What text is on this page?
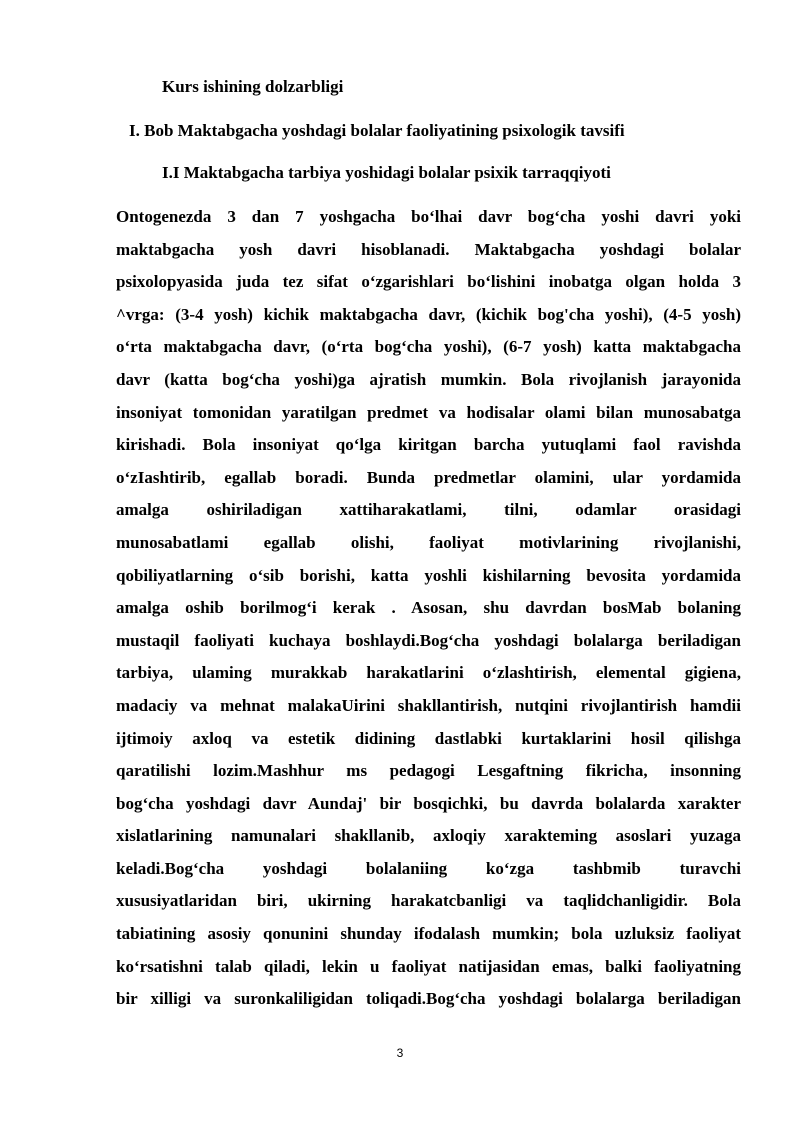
Kurs ishining dolzarbligi
I. Bob Maktabgacha yoshdagi bolalar faoliyatining psixologik tavsifi
I.I Maktabgacha tarbiya yoshidagi bolalar psixik tarraqqiyoti
Ontogenezda 3 dan 7 yoshgacha bo‘lhai davr bog‘cha yoshi davri yoki
maktabgacha yosh davri hisoblanadi. Maktabgacha yoshdagi bolalar
psixolopyasida juda tez sifat o‘zgarishlari bo‘lishini inobatga olgan holda 3
^vrga: (3-4 yosh) kichik maktabgacha davr, (kichik bog'cha yoshi), (4-5 yosh)
o‘rta maktabgacha davr, (o‘rta bog‘cha yoshi), (6-7 yosh) katta maktabgacha
davr (katta bog‘cha yoshi)ga ajratish mumkin. Bola rivojlanish jarayonida
insoniyat tomonidan yaratilgan predmet va hodisalar olami bilan munosabatga
kirishadi. Bola insoniyat qo‘lga kiritgan barcha yutuqlami faol ravishda
o‘zIashtirib, egallab boradi. Bunda predmetlar olamini, ular yordamida
amalga oshiriladigan xattiharakatlami, tilni, odamlar orasidagi
munosabatlami egallab olishi, faoliyat motivlarining rivojlanishi,
qobiliyatlarning o‘sib borishi, katta yoshli kishilarning bevosita yordamida
amalga oshib borilmog‘i kerak . Asosan, shu davrdan bosMab bolaning
mustaqil faoliyati kuchaya boshlaydi.Bog‘cha yoshdagi bolalarga beriladigan
tarbiya, ulaming murakkab harakatlarini o‘zlashtirish, elemental gigiena,
madaciy va mehnat malakaUirini shakllantirish, nutqini rivojlantirish hamdii
ijtimoiy axloq va estetik didining dastlabki kurtaklarini hosil qilishga
qaratilishi lozim.Mashhur ms pedagogi Lesgaftning fikricha, insonning
bog‘cha yoshdagi davr Aundaj' bir bosqichki, bu davrda bolalarda xarakter
xislatlarining namunalari shakllanib, axloqiy xarakteming asoslari yuzaga
keladi.Bog‘cha yoshdagi bolalaniing ko‘zga tashbmib turavchi
xususiyatlaridan biri, ukirning harakatcbanligi va taqlidchanligidir. Bola
tabiatining asosiy qonunini shunday ifodalash mumkin; bola uzluksiz faoliyat
ko‘rsatishni talab qiladi, lekin u faoliyat natijasidan emas, balki faoliyatning
bir xilligi va suronkaliligidan toliqadi.Bog‘cha yoshdagi bolalarga beriladigan
3
